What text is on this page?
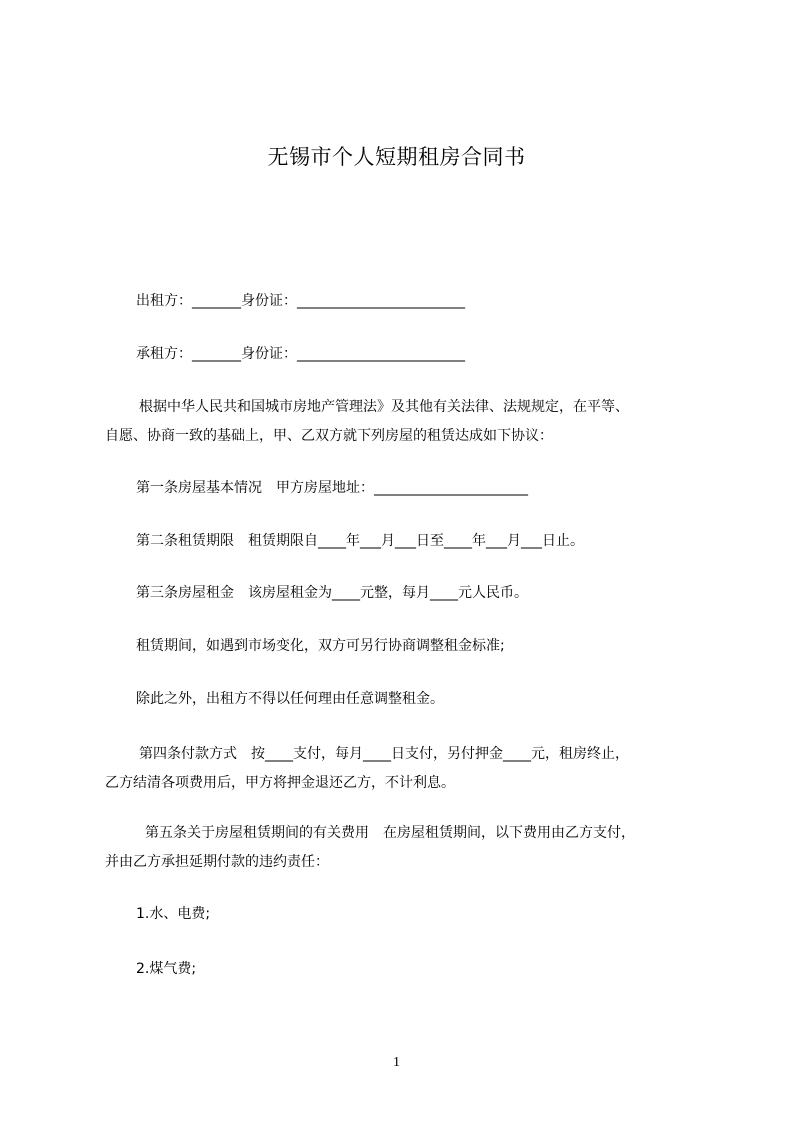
无锡市个人短期租房合同书
出租方：_______身份证：________________________
承租方：_______身份证：________________________
根据中华人民共和国城市房地产管理法》及其他有关法律、法规规定，在平等、
自愿、协商一致的基础上，甲、乙双方就下列房屋的租赁达成如下协议：
第一条房屋基本情况　甲方房屋地址：______________________
第二条租赁期限　租赁期限自____年___月___日至____年___月___日止。
第三条房屋租金　该房屋租金为____元整，每月____元人民币。
租赁期间，如遇到市场变化，双方可另行协商调整租金标准;
除此之外，出租方不得以任何理由任意调整租金。
第四条付款方式　按____支付，每月____日支付，另付押金____元，租房终止，
乙方结清各项费用后，甲方将押金退还乙方，不计利息。
第五条关于房屋租赁期间的有关费用　在房屋租赁期间，以下费用由乙方支付，
并由乙方承担延期付款的违约责任：
1.水、电费;
2.煤气费;
1
